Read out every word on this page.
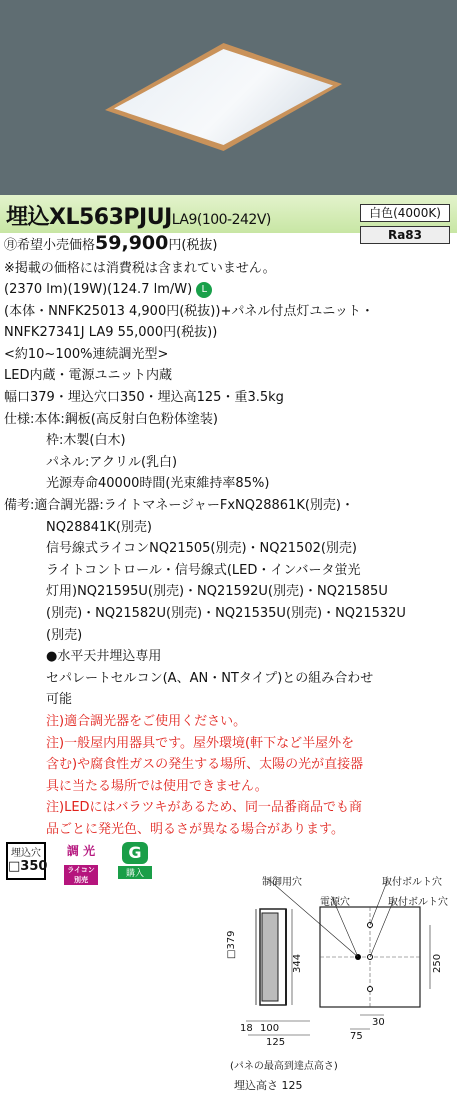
埋込XL563PJUJLA9(100-242V)	白色(4000K)
Ra83
㊊希望小売価格59,900円(税抜)
※掲載の価格には消費税は含まれていません。
(2370 lm)(19W)(124.7 lm/W) L
(本体・NNFK25013 4,900円(税抜))+パネル付点灯ユニット・
NNFK27341J LA9 55,000円(税抜))
<約10~100%連続調光型>
LED内蔵・電源ユニット内蔵
幅口379・埋込穴口350・埋込高125・重3.5kg
仕様:本体:鋼板(高反射白色粉体塗装)
枠:木製(白木)
パネル:アクリル(乳白)
光源寿命40000時間(光束維持率85%)
備考:適合調光器:ライトマネージャーFxNQ28861K(別売)・
NQ28841K(別売)
信号線式ライコンNQ21505(別売)・NQ21502(別売)
ライトコントロール・信号線式(LED・インバータ蛍光
灯用)NQ21595U(別売)・NQ21592U(別売)・NQ21585U
(別売)・NQ21582U(別売)・NQ21535U(別売)・NQ21532U
(別売)
●水平天井埋込専用
セパレートセルコン(A、AN・NTタイプ)との組み合わせ
可能
注)適合調光器をご使用ください。
注)一般屋内用器具です。屋外環境(軒下など半屋外を
含む)や腐食性ガスの発生する場所、太陽の光が直接器
具に当たる場所では使用できません。
注)LEDにはバラツキがあるため、同一品番商品でも商
品ごとに発光色、明るさが異なる場合があります。
埋込穴
□350
調 光
ライコン別売
G
購入
制御用穴
電源穴
取付ボルト穴
取付ボルト穴
□379
344	250
18 100
125
30
75
(パネの最高到達点高さ)
埋込高さ 125
